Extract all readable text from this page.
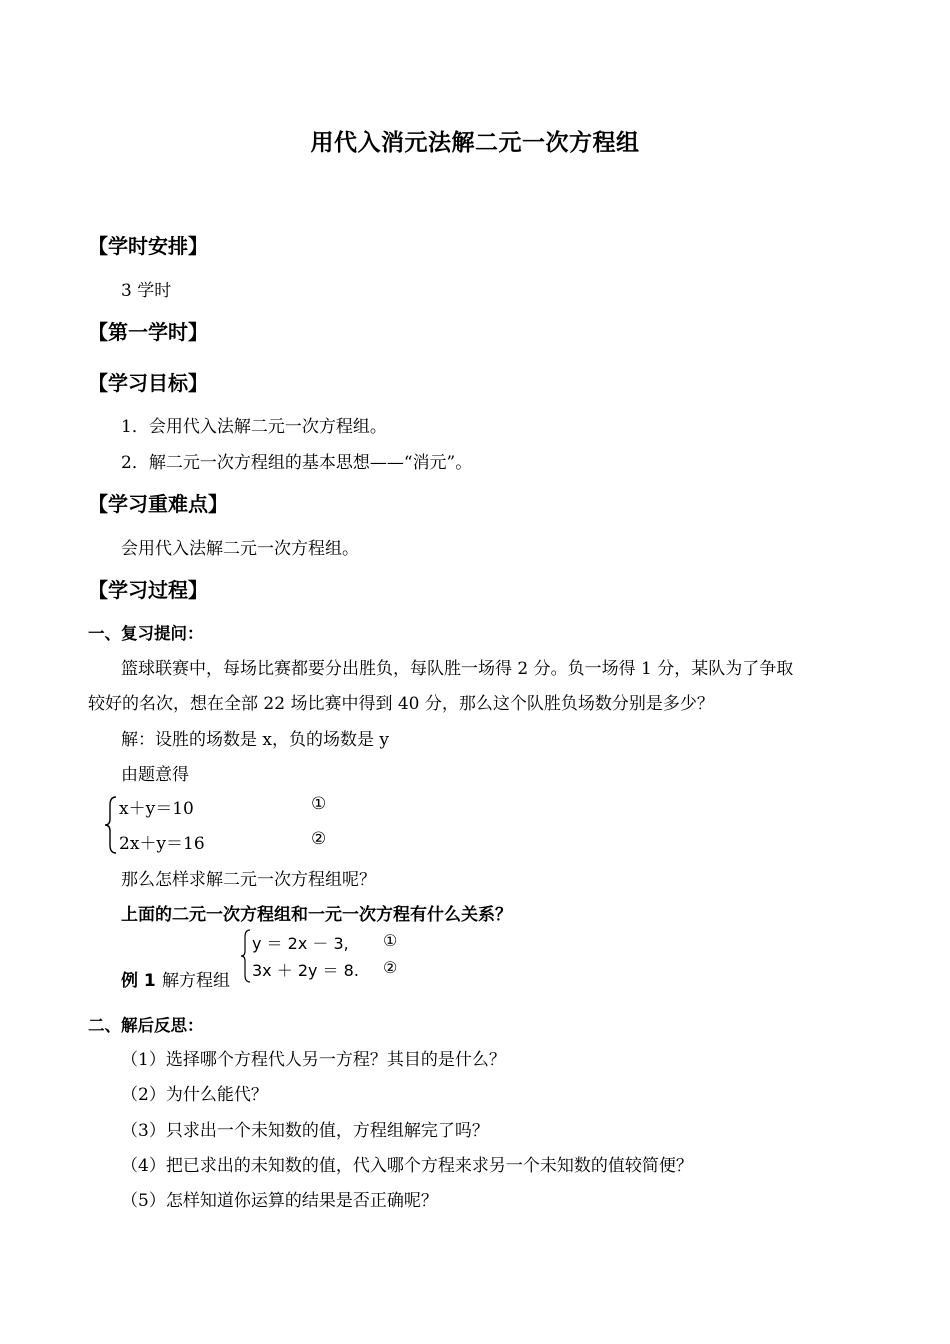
用代入消元法解二元一次方程组
【学时安排】
3 学时
【第一学时】
【学习目标】
1．会用代入法解二元一次方程组。
2．解二元一次方程组的基本思想——“消元”。
【学习重难点】
会用代入法解二元一次方程组。
【学习过程】
一、复习提问：
篮球联赛中，每场比赛都要分出胜负，每队胜一场得 2 分。负一场得 1 分，某队为了争取
较好的名次，想在全部 22 场比赛中得到 40 分，那么这个队胜负场数分别是多少？
解：设胜的场数是 x，负的场数是 y
由题意得
x＋y＝10	①
2x＋y＝16	②
那么怎样求解二元一次方程组呢？
上面的二元一次方程组和一元一次方程有什么关系？
y ＝ 2x － 3, ①
3x ＋ 2y ＝ 8. ②
例 1 解方程组
二、解后反思：
（1）选择哪个方程代人另一方程？其目的是什么？
（2）为什么能代？
（3）只求出一个未知数的值，方程组解完了吗？
（4）把已求出的未知数的值，代入哪个方程来求另一个未知数的值较简便？
（5）怎样知道你运算的结果是否正确呢？
